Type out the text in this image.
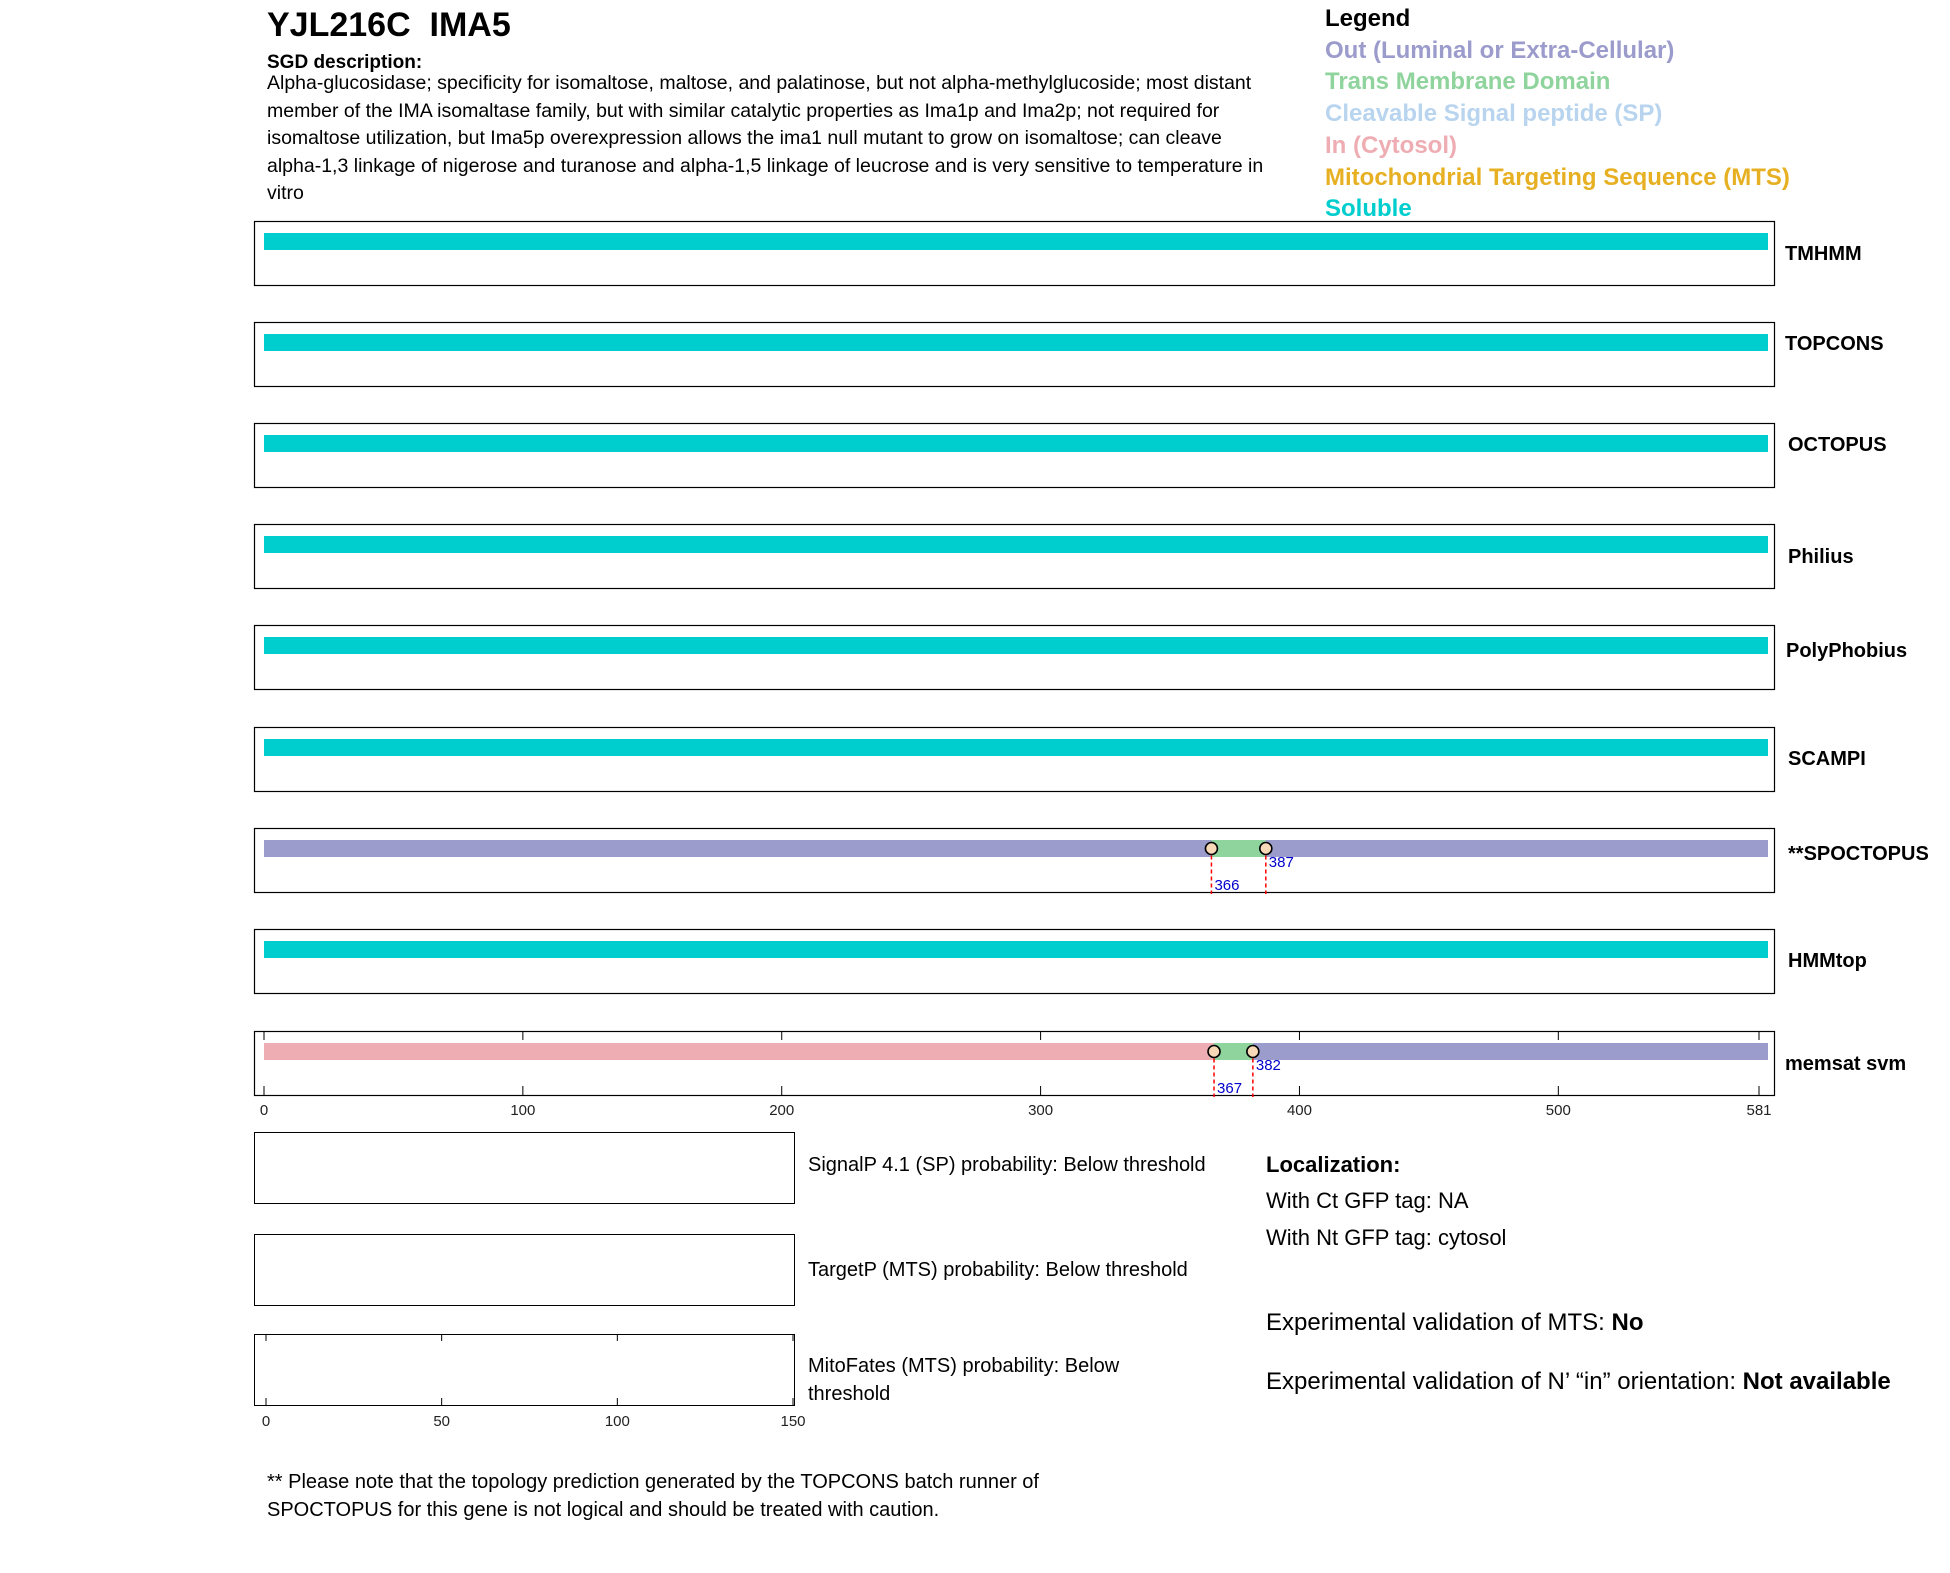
YJL216C  IMA5
SGD description:
Alpha-glucosidase; specificity for isomaltose, maltose, and palatinose, but not alpha-methylglucoside; most distant member of the IMA isomaltase family, but with similar catalytic properties as Ima1p and Ima2p; not required for isomaltose utilization, but Ima5p overexpression allows the ima1 null mutant to grow on isomaltose; can cleave alpha-1,3 linkage of nigerose and turanose and alpha-1,5 linkage of leucrose and is very sensitive to temperature in vitro
Legend
Out (Luminal or Extra-Cellular)
Trans Membrane Domain
Cleavable Signal peptide (SP)
In (Cytosol)
Mitochondrial Targeting Sequence (MTS)
Soluble
366
387
367
382
0	100	200	300	400	500	581
TMHMM
TOPCONS
OCTOPUS
Philius
PolyPhobius
SCAMPI
**SPOCTOPUS
HMMtop
memsat svm
0	50	100	150
SignalP 4.1 (SP) probability: Below threshold
TargetP (MTS) probability: Below threshold
MitoFates (MTS) probability: Below threshold
Localization:
With Ct GFP tag: NA
With Nt GFP tag: cytosol
Experimental validation of MTS: No
Experimental validation of N’ “in” orientation: Not available
** Please note that the topology prediction generated by the TOPCONS batch runner of SPOCTOPUS for this gene is not logical and should be treated with caution.
